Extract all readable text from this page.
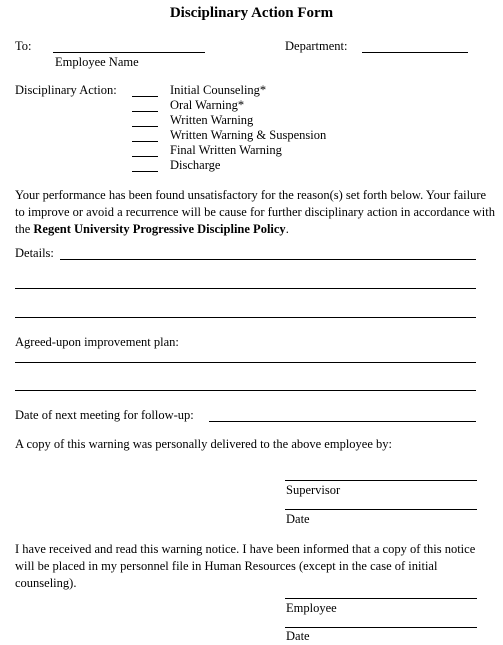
Disciplinary Action Form
To:
Employee Name
Department:
Disciplinary Action:	Initial Counseling*
Oral Warning*
Written Warning
Written Warning & Suspension
Final Written Warning
Discharge
Your performance has been found unsatisfactory for the reason(s) set forth below. Your failure to improve or avoid a recurrence will be cause for further disciplinary action in accordance with the Regent University Progressive Discipline Policy.
Details:
Agreed-upon improvement plan:
Date of next meeting for follow-up:
A copy of this warning was personally delivered to the above employee by:
Supervisor
Date
I have received and read this warning notice. I have been informed that a copy of this notice will be placed in my personnel file in Human Resources (except in the case of initial counseling).
Employee
Date
